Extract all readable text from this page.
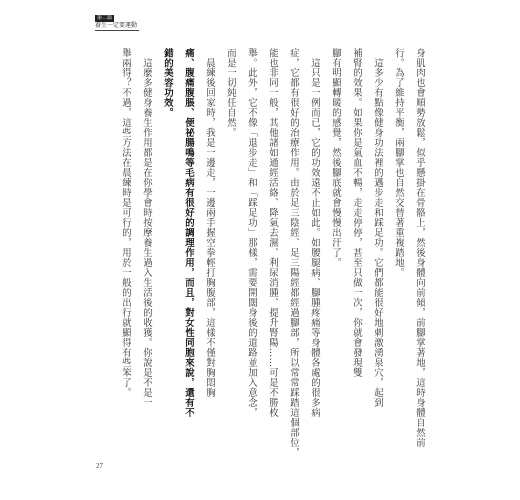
第二篇
養生一定要運動

身肌肉也會順勢放鬆，似乎懸掛在骨骼上，然後身體向前傾，前腳掌著地，這時身體自然前

行。為了維持平衡，兩腳掌也自然交替著重複踏地。

　這多少有點像健身功法裡的邁步走和踩足功。它們都能很好地刺激湧泉穴，起到

補腎的效果。如果你是氣血不暢，走走停停，甚至只做一次，你就會發現雙

腳有明顯轉暖的感覺，然後腳底就會慢慢出汗了。

　這只是一例而已，它的功效遠不止如此。如腰腿病、腳腫疼痛等身體各處的很多病

症，它都有很好的治療作用。由於足三陰經、足三陽經都經過腳部，所以常常踩踏這個部位，

能也非同一般，其他諸如通經活絡、降氣去濕、利尿消腫、提升腎陽……可是不勝枚

舉。此外，它不像「退步走」和「踩足功」那樣，需要開闊身後的道路並加入意念，

而是一切純任自然。

　晨練後回家時，我是一邊走，一邊兩手握空拳輕打胸腹部，這樣不僅對胸悶胸

痛、腹痛腹脹、便祕腸鳴等毛病有很好的調理作用，而且，對女性同胞來說，還有不

錯的美容功效。

　這麼多健身養生作用都是在你學會時按摩養生過入生活後的收獲。你說是不是一

舉兩得？不過，這些方法在晨練時是可行的，用於一般的出行就顯得有些笨了。

27
